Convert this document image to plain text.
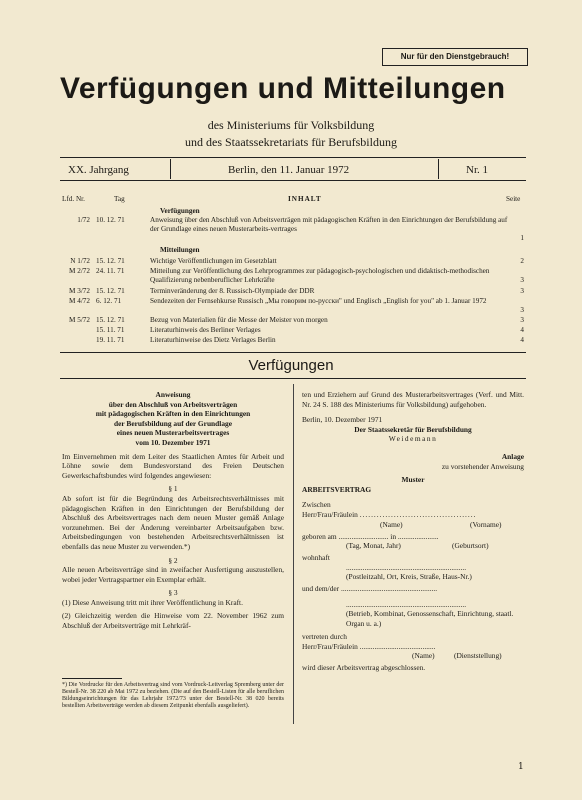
Nur für den Dienstgebrauch!
Verfügungen und Mitteilungen
des Ministeriums für Volksbildung
und des Staatssekretariats für Berufsbildung
XX. Jahrgang	Berlin, den 11. Januar 1972	Nr. 1
Lfd. Nr.	Tag	INHALT	Seite
Verfügungen
1/72 10. 12. 71	Anweisung über den Abschluß von Arbeitsverträgen mit pädagogischen Kräften in den Einrichtungen der Berufsbildung auf der Grundlage eines neuen Musterarbeits-vertrages
1
Mitteilungen
N 1/72 15. 12. 71	Wichtige Veröffentlichungen im Gesetzblatt	2
M 2/72 24. 11. 71	Mitteilung zur Veröffentlichung des Lehrprogrammes zur pädagogisch-psychologischen und didaktisch-methodischen Qualifizierung nebenberuflicher Lehrkräfte	3
M 3/72 15. 12. 71	Terminveränderung der 8. Russisch-Olympiade der DDR	3
M 4/72 6. 12. 71	Sendezeiten der Fernsehkurse Russisch „Мы говорим по-русски" und Englisch „English for you" ab 1. Januar 1972
3
M 5/72 15. 12. 71	Bezug von Materialien für die Messe der Meister von morgen	3
15. 11. 71	Literaturhinweis des Berliner Verlages	4
19. 11. 71	Literaturhinweise des Dietz Verlages Berlin	4
Verfügungen
Anweisung
über den Abschluß von Arbeitsverträgen
mit pädagogischen Kräften in den Einrichtungen
der Berufsbildung auf der Grundlage
eines neuen Musterarbeitsvertrages
vom 10. Dezember 1971

Im Einvernehmen mit dem Leiter des Staatlichen Amtes für Arbeit und Löhne sowie dem Bundesvorstand des Freien Deutschen Gewerkschaftsbundes wird folgendes angewiesen:

§ 1

Ab sofort ist für die Begründung des Arbeitsrechtsverhältnisses mit pädagogischen Kräften in den Einrichtungen der Berufsbildung der Abschluß des Arbeitsvertrages nach dem neuen Muster gemäß Anlage vorzunehmen. Bei der Änderung vereinbarter Arbeitsaufgaben bzw. Arbeitsbedingungen von bestehenden Arbeitsrechtsverhältnissen ist ebenfalls das neue Muster zu verwenden.*)

§ 2

Alle neuen Arbeitsverträge sind in zweifacher Ausfertigung auszustellen, wobei jeder Vertragspartner ein Exemplar erhält.

§ 3

(1) Diese Anweisung tritt mit ihrer Veröffentlichung in Kraft.

(2) Gleichzeitig werden die Hinweise vom 22. November 1962 zum Abschluß der Arbeitsverträge mit Lehrkräf-

*) Die Vordrucke für den Arbeitsvertrag sind vom Vordruck-Leitverlag Spremberg unter der Bestell-Nr. 38 220 ab Mai 1972 zu beziehen. (Die auf den Bestell-Listen für alle beruflichen Bildungseinrichtungen für das Lehrjahr 1972/73 unter der Bestell-Nr. 38 020 bereits bestellten Arbeitsverträge werden ab diesem Zeitpunkt ebenfalls ausgeliefert).

ten und Erziehern auf Grund des Musterarbeitsvertrages (Verf. und Mitt. Nr. 24 S. 188 des Ministeriums für Volksbildung) aufgehoben.

Berlin, 10. Dezember 1971
Der Staatssekretär für Berufsbildung
Weidemann
Anlage
zu vorstehender Anweisung
Muster
ARBEITSVERTRAG
Zwischen
Herr/Frau/Fräulein .........................................
(Name)	(Vorname)
geboren am ........................... in ......................
(Tag, Monat, Jahr)	(Geburtsort)
wohnhaft
.................................................................
(Postleitzahl, Ort, Kreis, Straße, Haus-Nr.)
und dem/der ....................................................
.................................................................
(Betrieb, Kombinat, Genossenschaft, Einrichtung, staatl. Organ u. a.)
vertreten durch
Herr/Frau/Fräulein .........................................
(Name)	(Dienststellung)
wird dieser Arbeitsvertrag abgeschlossen.
1
